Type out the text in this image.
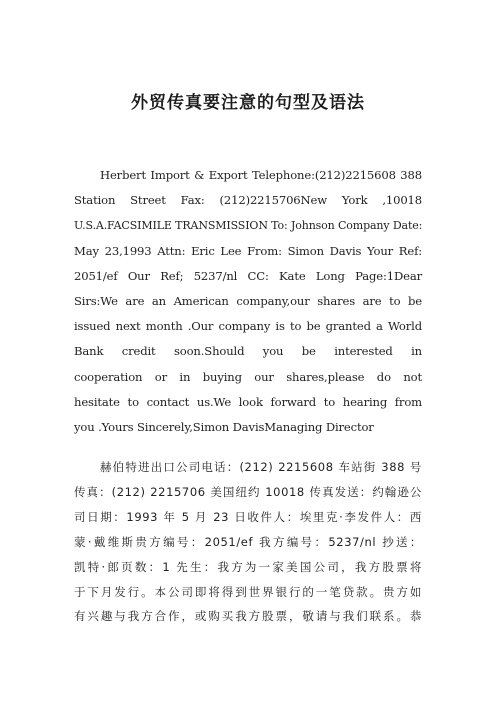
外贸传真要注意的句型及语法
Herbert Import & Export Telephone:(212)2215608 388
Station Street Fax: (212)2215706New York ,10018
U.S.A.FACSIMILE TRANSMISSION To: Johnson Company Date:
May 23,1993 Attn: Eric Lee From: Simon Davis Your Ref:
2051/ef Our Ref; 5237/nl CC: Kate Long Page:1Dear
Sirs:We are an American company,our shares are to be
issued next month .Our company is to be granted a World
Bank credit soon.Should you be interested in
cooperation or in buying our shares,please do not
hesitate to contact us.We look forward to hearing from
you .Yours Sincerely,Simon DavisManaging Director
赫伯特进出口公司电话：(212) 2215608 车站街 388 号
传真：(212) 2215706 美国纽约 10018 传真发送：约翰逊公
司日期：1993 年 5 月 23 日收件人：埃里克·李发件人：西
蒙·戴维斯贵方编号：2051/ef 我方编号：5237/nl 抄送：
凯特·郎页数：1 先生：我方为一家美国公司，我方股票将
于下月发行。本公司即将得到世界银行的一笔贷款。贵方如
有兴趣与我方合作，或购买我方股票，敬请与我们联系。恭
